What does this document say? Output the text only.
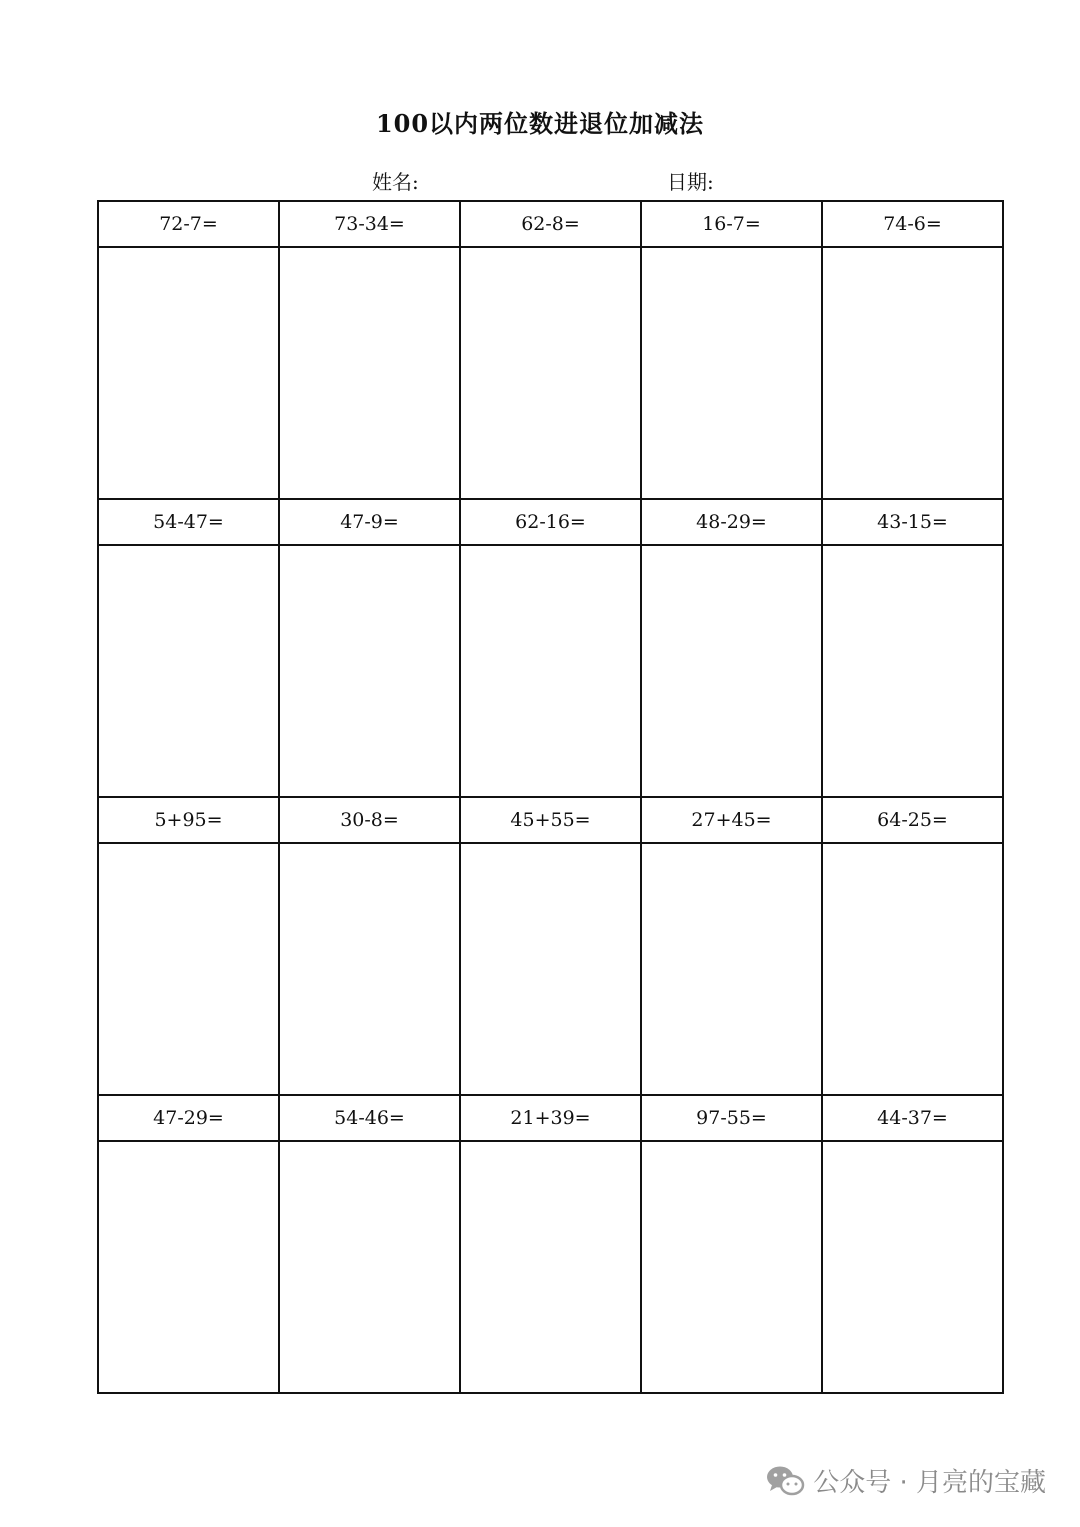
100以内两位数进退位加减法
姓名:	日期:
72-7=	73-34=	62-8=	16-7=	74-6=

54-47=	47-9=	62-16=	48-29=	43-15=

5+95=	30-8=	45+55=	27+45=	64-25=

47-29=	54-46=	21+39=	97-55=	44-37=

公众号 · 月亮的宝藏
